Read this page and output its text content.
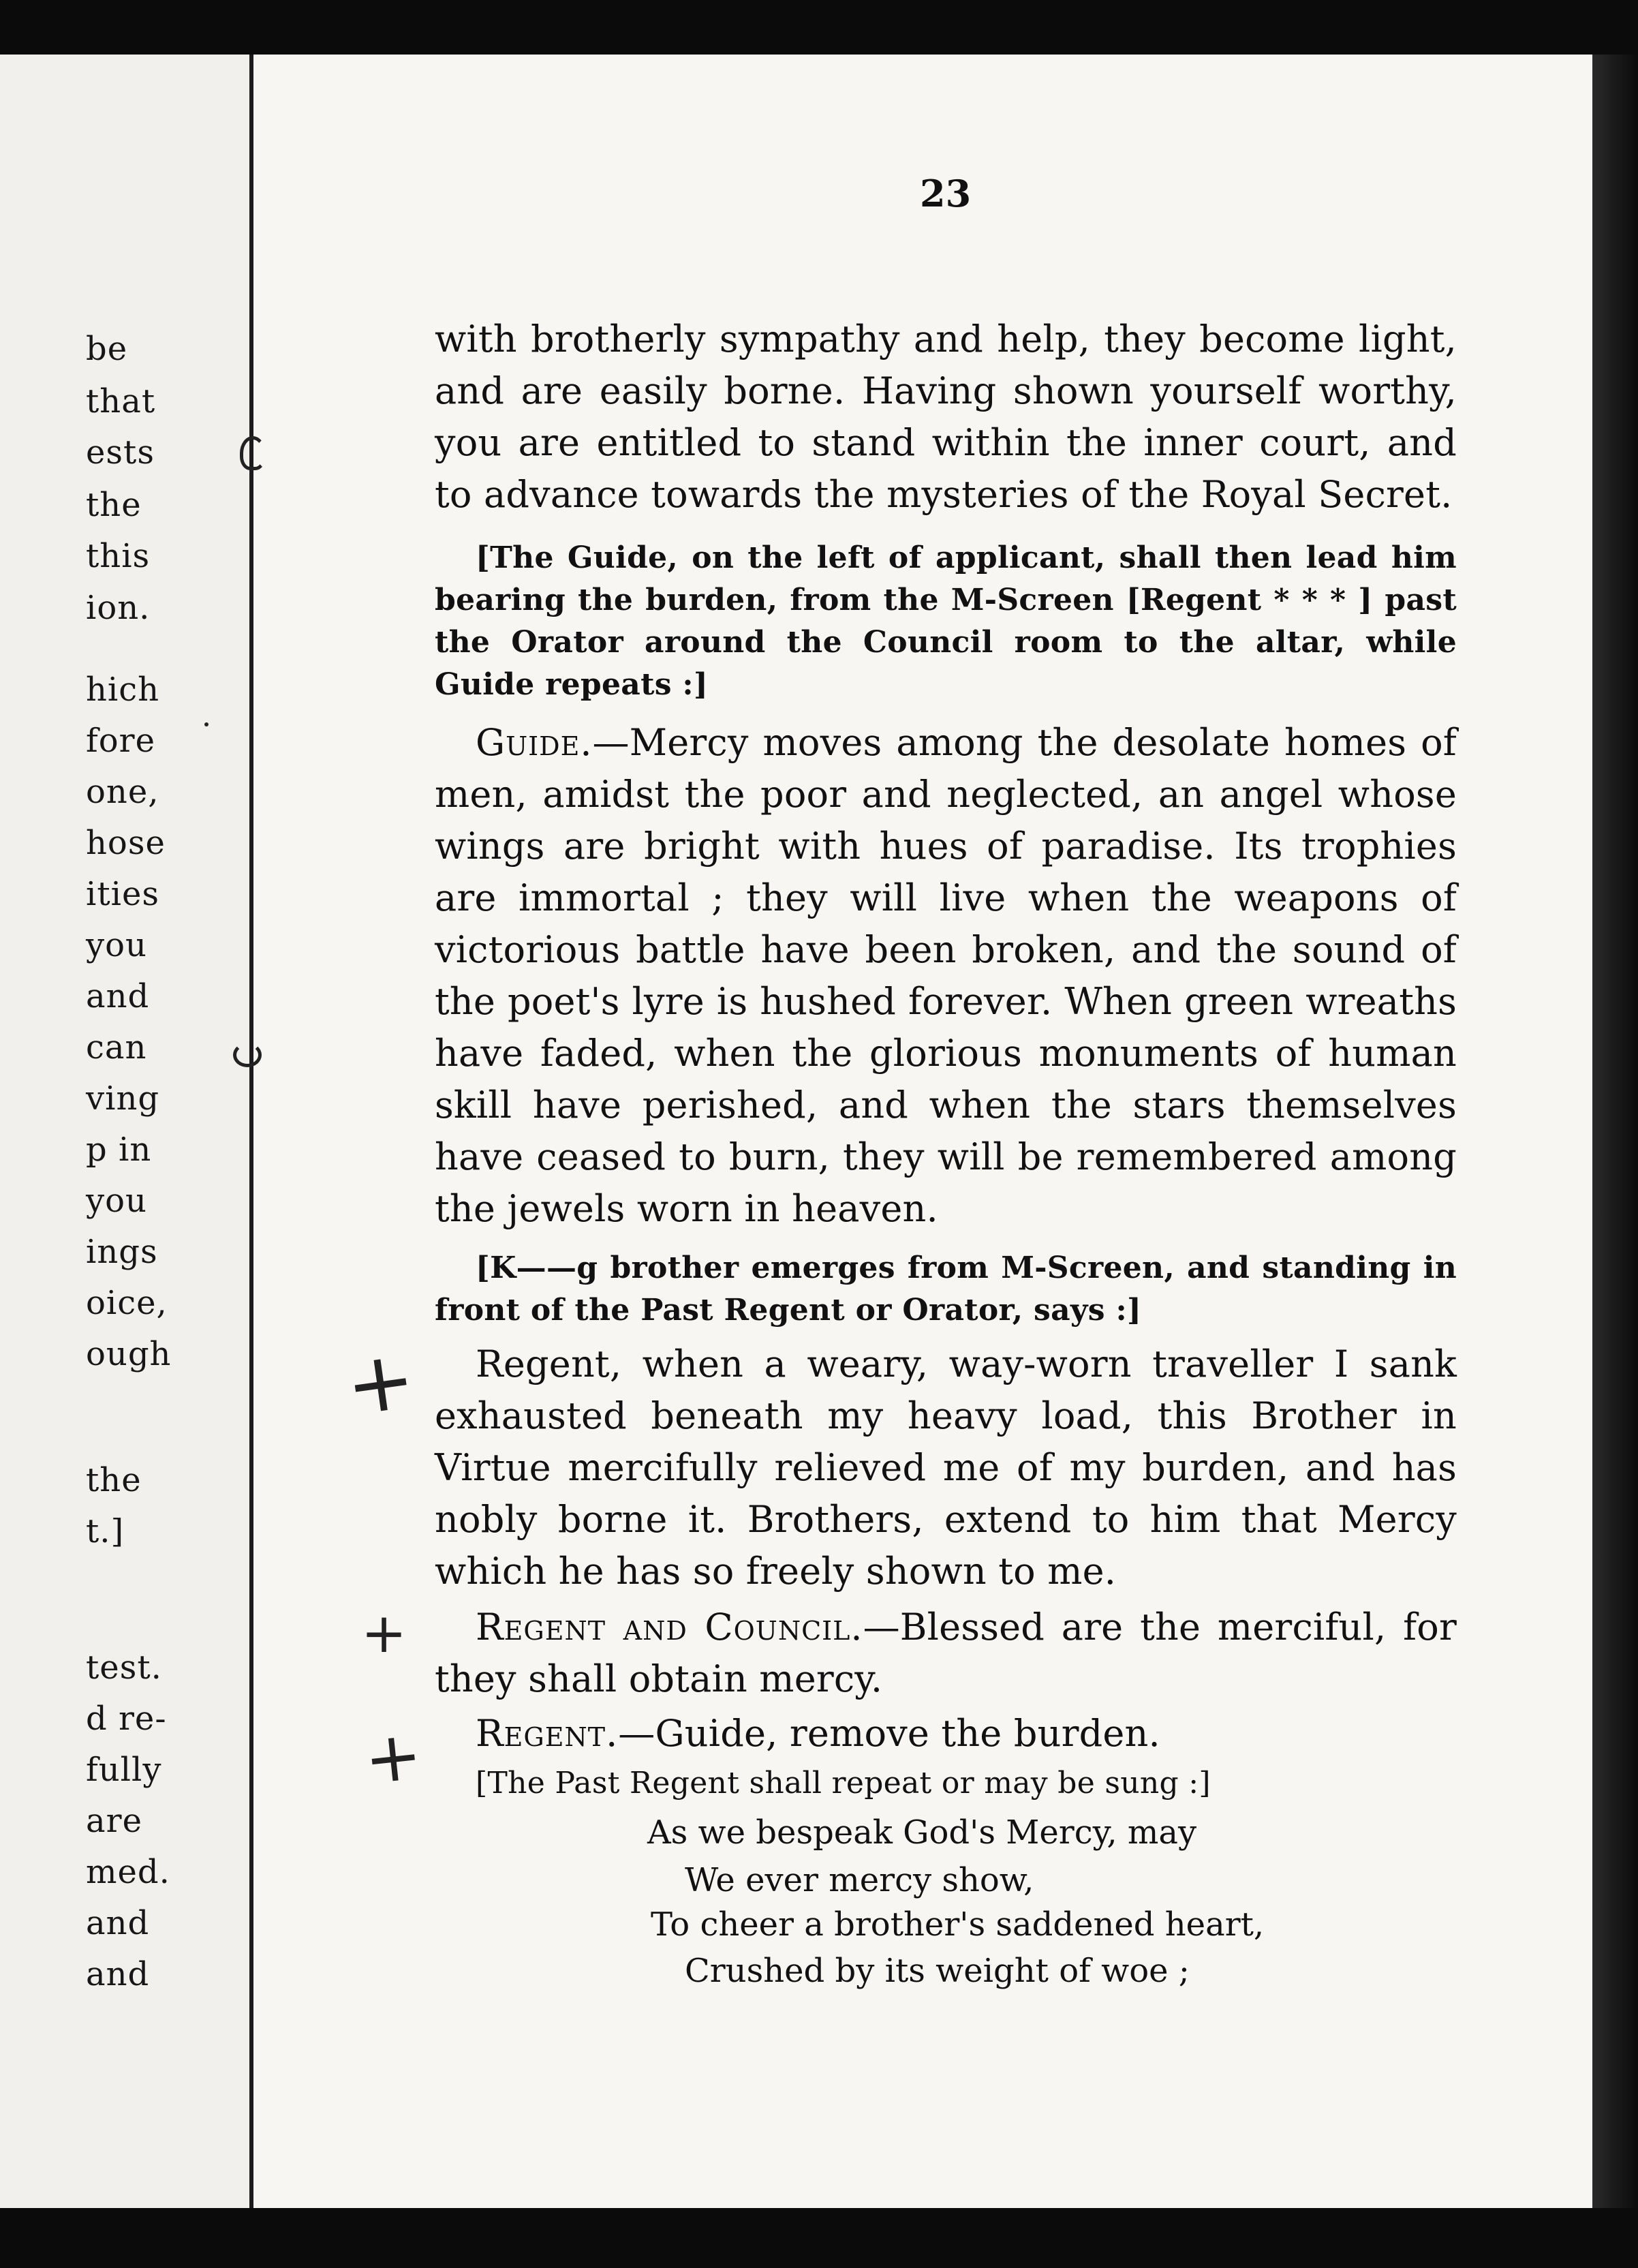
be
that
ests
the
this
ion.
hich
fore
one,
hose
ities
you
and
can
ving
p in
you
ings
oice,
ough
the
t.]
test.
d re-
fully
are
med.
and
and
23

with brotherly sympathy and help, they become light, and are easily borne. Having shown yourself worthy, you are entitled to stand within the inner court, and to advance towards the mysteries of the Royal Secret.

[The Guide, on the left of applicant, shall then lead him bearing the burden, from the M-Screen [Regent * * * ] past the Orator around the Council room to the altar, while Guide repeats :]

Guide.—Mercy moves among the desolate homes of men, amidst the poor and neglected, an angel whose wings are bright with hues of paradise. Its trophies are immortal ; they will live when the weapons of victorious battle have been broken, and the sound of the poet's lyre is hushed forever. When green wreaths have faded, when the glorious monuments of human skill have perished, and when the stars themselves have ceased to burn, they will be remembered among the jewels worn in heaven.

[K——g brother emerges from M-Screen, and standing in front of the Past Regent or Orator, says :]

Regent, when a weary, way-worn traveller I sank exhausted beneath my heavy load, this Brother in Virtue mercifully relieved me of my burden, and has nobly borne it. Brothers, extend to him that Mercy which he has so freely shown to me.

Regent and Council.—Blessed are the merciful, for they shall obtain mercy.

Regent.—Guide, remove the burden.

[The Past Regent shall repeat or may be sung :]

As we bespeak God's Mercy, may
We ever mercy show,
To cheer a brother's saddened heart,
Crushed by its weight of woe ;
+
+
+
